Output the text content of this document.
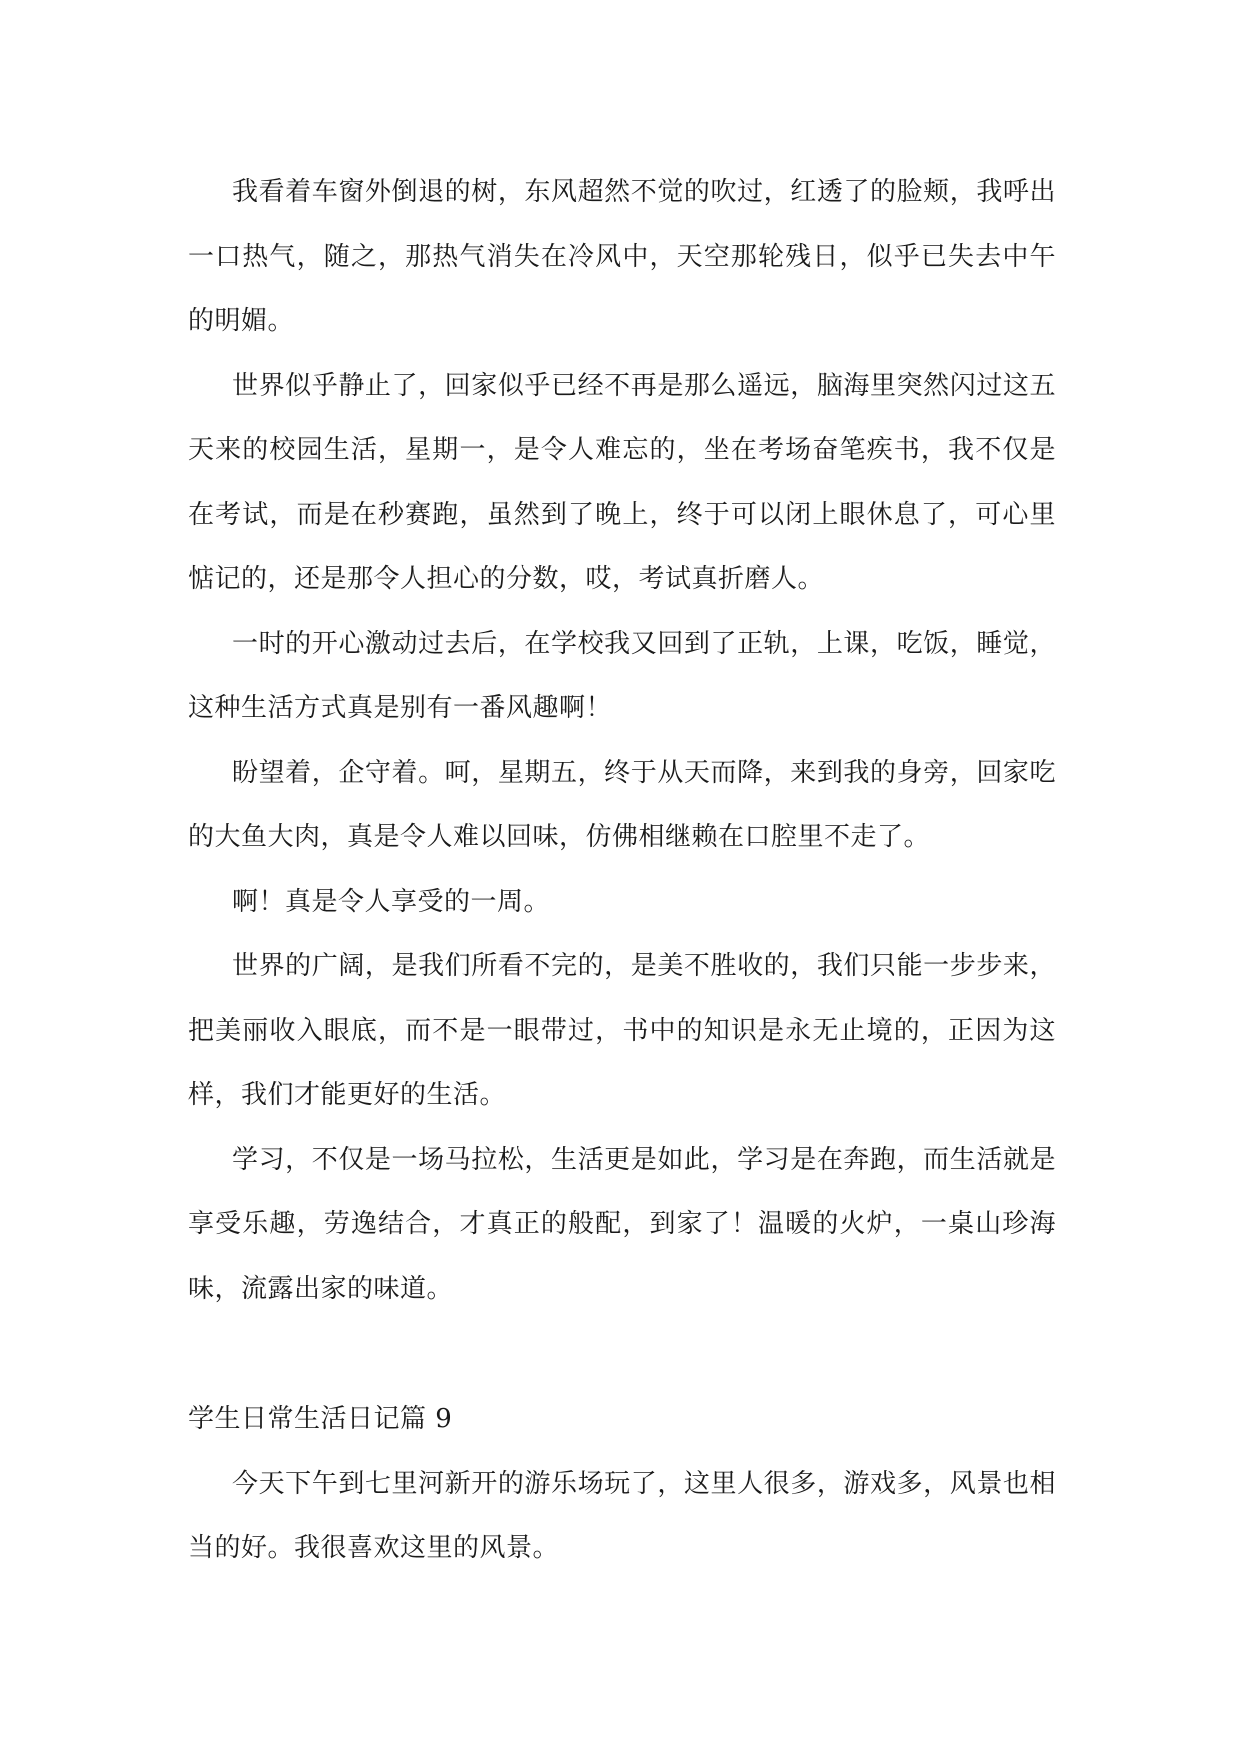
我看着车窗外倒退的树，东风超然不觉的吹过，红透了的脸颊，我呼出一口热气，随之，那热气消失在冷风中，天空那轮残日，似乎已失去中午的明媚。

世界似乎静止了，回家似乎已经不再是那么遥远，脑海里突然闪过这五天来的校园生活，星期一，是令人难忘的，坐在考场奋笔疾书，我不仅是在考试，而是在秒赛跑，虽然到了晚上，终于可以闭上眼休息了，可心里惦记的，还是那令人担心的分数，哎，考试真折磨人。

一时的开心激动过去后，在学校我又回到了正轨，上课，吃饭，睡觉，这种生活方式真是别有一番风趣啊！

盼望着，企守着。呵，星期五，终于从天而降，来到我的身旁，回家吃的大鱼大肉，真是令人难以回味，仿佛相继赖在口腔里不走了。

啊！真是令人享受的一周。

世界的广阔，是我们所看不完的，是美不胜收的，我们只能一步步来，把美丽收入眼底，而不是一眼带过，书中的知识是永无止境的，正因为这样，我们才能更好的生活。

学习，不仅是一场马拉松，生活更是如此，学习是在奔跑，而生活就是享受乐趣，劳逸结合，才真正的般配，到家了！温暖的火炉，一桌山珍海味，流露出家的味道。

学生日常生活日记篇 9

今天下午到七里河新开的游乐场玩了，这里人很多，游戏多，风景也相当的好。我很喜欢这里的风景。
